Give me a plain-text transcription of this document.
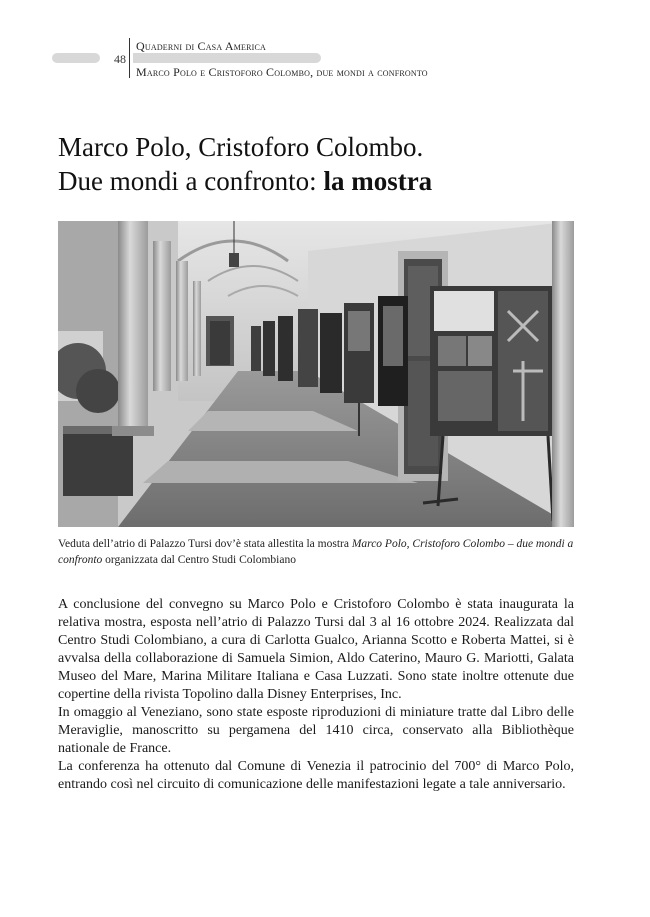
48
Quaderni di Casa America
Marco Polo e Cristoforo Colombo, due mondi a confronto
Marco Polo, Cristoforo Colombo.
Due mondi a confronto: la mostra
Veduta dell’atrio di Palazzo Tursi dov’è stata allestita la mostra Marco Polo, Cristoforo Colombo – due mondi a confronto organizzata dal Centro Studi Colombiano

A conclusione del convegno su Marco Polo e Cristoforo Colombo è stata inaugurata la relativa mostra, esposta nell’atrio di Palazzo Tursi dal 3 al 16 ottobre 2024. Realizzata dal Centro Studi Colombiano, a cura di Carlotta Gualco, Arianna Scotto e Roberta Mattei, si è avvalsa della collaborazione di Samuela Simion, Aldo Caterino, Mauro G. Mariotti, Galata Museo del Mare, Marina Militare Italiana e Casa Luzzati. Sono state inoltre ottenute due copertine della rivista Topolino dalla Disney Enterprises, Inc.

In omaggio al Veneziano, sono state esposte riproduzioni di miniature tratte dal Libro delle Meraviglie, manoscritto su pergamena del 1410 circa, conservato alla Bibliothèque nationale de France.

La conferenza ha ottenuto dal Comune di Venezia il patrocinio del 700° di Marco Polo, entrando così nel circuito di comunicazione delle manifestazioni legate a tale anniversario.
